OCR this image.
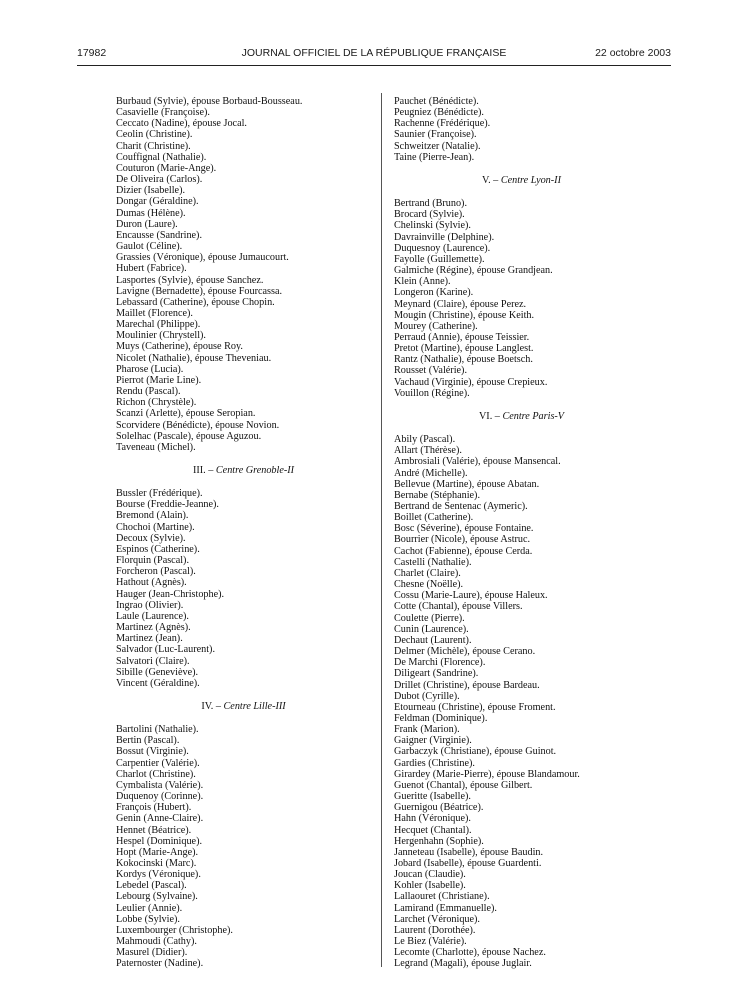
17982	JOURNAL OFFICIEL DE LA RÉPUBLIQUE FRANÇAISE	22 octobre 2003
Burbaud (Sylvie), épouse Borbaud-Bousseau.
Casavielle (Françoise).
Ceccato (Nadine), épouse Jocal.
Ceolin (Christine).
Charit (Christine).
Couffignal (Nathalie).
Couturon (Marie-Ange).
De Oliveira (Carlos).
Dizier (Isabelle).
Dongar (Géraldine).
Dumas (Hélène).
Duron (Laure).
Encausse (Sandrine).
Gaulot (Céline).
Grassies (Véronique), épouse Jumaucourt.
Hubert (Fabrice).
Lasportes (Sylvie), épouse Sanchez.
Lavigne (Bernadette), épouse Fourcassa.
Lebassard (Catherine), épouse Chopin.
Maillet (Florence).
Marechal (Philippe).
Moulinier (Chrystell).
Muys (Catherine), épouse Roy.
Nicolet (Nathalie), épouse Theveniau.
Pharose (Lucia).
Pierrot (Marie Line).
Rendu (Pascal).
Richon (Chrystèle).
Scanzi (Arlette), épouse Seropian.
Scorvidere (Bénédicte), épouse Novion.
Solelhac (Pascale), épouse Aguzou.
Taveneau (Michel).
III. – Centre Grenoble-II
Bussler (Frédérique).
Bourse (Freddie-Jeanne).
Bremond (Alain).
Chochoi (Martine).
Decoux (Sylvie).
Espinos (Catherine).
Florquin (Pascal).
Forcheron (Pascal).
Hathout (Agnès).
Hauger (Jean-Christophe).
Ingrao (Olivier).
Laule (Laurence).
Martinez (Agnès).
Martinez (Jean).
Salvador (Luc-Laurent).
Salvatori (Claire).
Sibille (Geneviève).
Vincent (Géraldine).
IV. – Centre Lille-III
Bartolini (Nathalie).
Bertin (Pascal).
Bossut (Virginie).
Carpentier (Valérie).
Charlot (Christine).
Cymbalista (Valérie).
Duquenoy (Corinne).
François (Hubert).
Genin (Anne-Claire).
Hennet (Béatrice).
Hespel (Dominique).
Hopt (Marie-Ange).
Kokocinski (Marc).
Kordys (Véronique).
Lebedel (Pascal).
Lebourg (Sylvaine).
Leulier (Annie).
Lobbe (Sylvie).
Luxembourger (Christophe).
Mahmoudi (Cathy).
Masurel (Didier).
Paternoster (Nadine).
Pauchet (Bénédicte).
Peugniez (Bénédicte).
Rachenne (Frédérique).
Saunier (Françoise).
Schweitzer (Natalie).
Taine (Pierre-Jean).
V. – Centre Lyon-II
Bertrand (Bruno).
Brocard (Sylvie).
Chelinski (Sylvie).
Davrainville (Delphine).
Duquesnoy (Laurence).
Fayolle (Guillemette).
Galmiche (Régine), épouse Grandjean.
Klein (Anne).
Longeron (Karine).
Meynard (Claire), épouse Perez.
Mougin (Christine), épouse Keith.
Mourey (Catherine).
Perraud (Annie), épouse Teissier.
Pretot (Martine), épouse Langlest.
Rantz (Nathalie), épouse Boetsch.
Rousset (Valérie).
Vachaud (Virginie), épouse Crepieux.
Vouillon (Régine).
VI. – Centre Paris-V
Abily (Pascal).
Allart (Thérèse).
Ambrosiali (Valérie), épouse Mansencal.
André (Michelle).
Bellevue (Martine), épouse Abatan.
Bernabe (Stéphanie).
Bertrand de Sentenac (Aymeric).
Boillet (Catherine).
Bosc (Séverine), épouse Fontaine.
Bourrier (Nicole), épouse Astruc.
Cachot (Fabienne), épouse Cerda.
Castelli (Nathalie).
Charlet (Claire).
Chesne (Noëlle).
Cossu (Marie-Laure), épouse Haleux.
Cotte (Chantal), épouse Villers.
Coulette (Pierre).
Cunin (Laurence).
Dechaut (Laurent).
Delmer (Michèle), épouse Cerano.
De Marchi (Florence).
Diligeart (Sandrine).
Drillet (Christine), épouse Bardeau.
Dubot (Cyrille).
Etourneau (Christine), épouse Froment.
Feldman (Dominique).
Frank (Marion).
Gaigner (Virginie).
Garbaczyk (Christiane), épouse Guinot.
Gardies (Christine).
Girardey (Marie-Pierre), épouse Blandamour.
Guenot (Chantal), épouse Gilbert.
Gueritte (Isabelle).
Guernigou (Béatrice).
Hahn (Véronique).
Hecquet (Chantal).
Hergenhahn (Sophie).
Janneteau (Isabelle), épouse Baudin.
Jobard (Isabelle), épouse Guardenti.
Joucan (Claudie).
Kohler (Isabelle).
Lallaouret (Christiane).
Lamirand (Emmanuelle).
Larchet (Véronique).
Laurent (Dorothée).
Le Biez (Valérie).
Lecomte (Charlotte), épouse Nachez.
Legrand (Magali), épouse Juglair.
